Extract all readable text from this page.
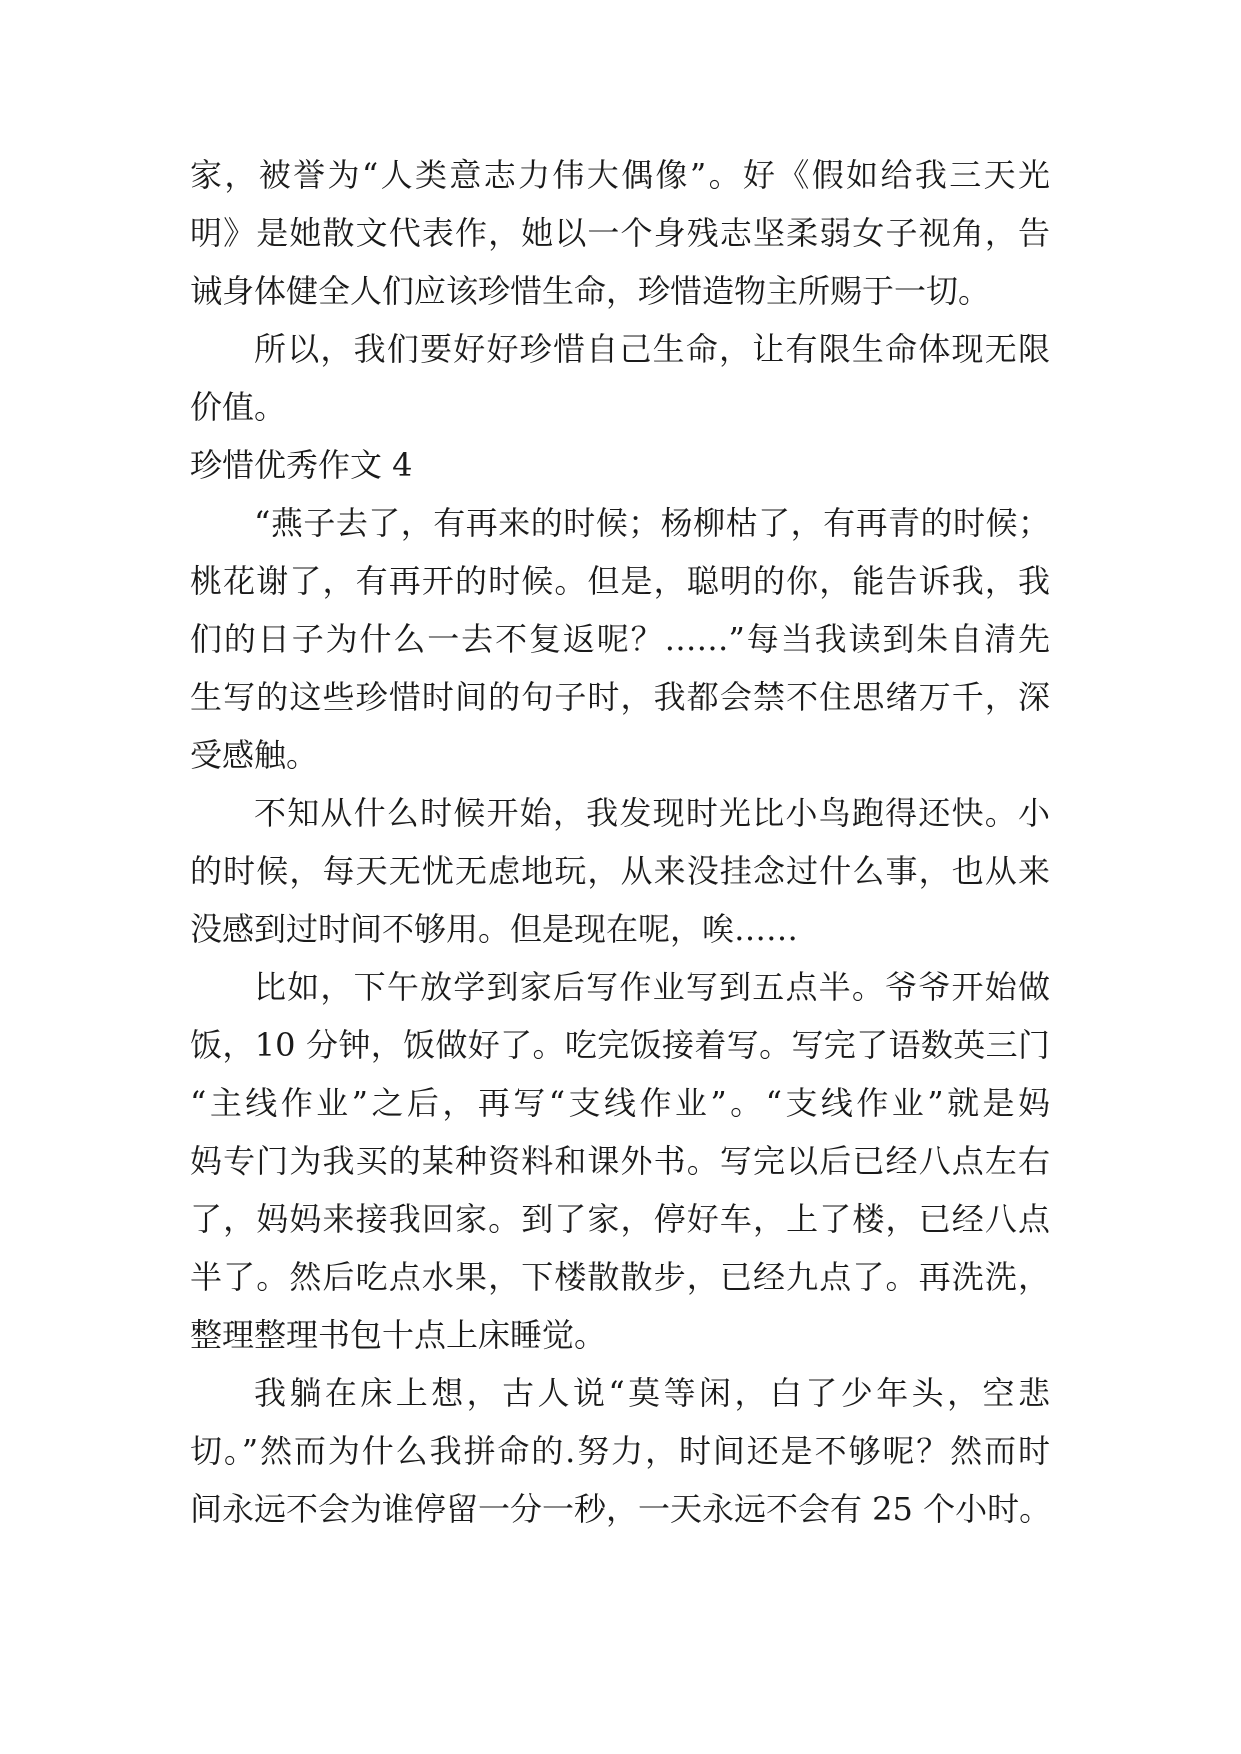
家，被誉为“人类意志力伟大偶像”。好《假如给我三天光
明》是她散文代表作，她以一个身残志坚柔弱女子视角，告
诫身体健全人们应该珍惜生命，珍惜造物主所赐于一切。
所以，我们要好好珍惜自己生命，让有限生命体现无限
价值。
珍惜优秀作文 4
“燕子去了，有再来的时候；杨柳枯了，有再青的时候；
桃花谢了，有再开的时候。但是，聪明的你，能告诉我，我
们的日子为什么一去不复返呢？……”每当我读到朱自清先
生写的这些珍惜时间的句子时，我都会禁不住思绪万千，深
受感触。
不知从什么时候开始，我发现时光比小鸟跑得还快。小
的时候，每天无忧无虑地玩，从来没挂念过什么事，也从来
没感到过时间不够用。但是现在呢，唉……
比如，下午放学到家后写作业写到五点半。爷爷开始做
饭，10 分钟，饭做好了。吃完饭接着写。写完了语数英三门
“主线作业”之后，再写“支线作业”。“支线作业”就是妈
妈专门为我买的某种资料和课外书。写完以后已经八点左右
了，妈妈来接我回家。到了家，停好车，上了楼，已经八点
半了。然后吃点水果，下楼散散步，已经九点了。再洗洗，
整理整理书包十点上床睡觉。
我躺在床上想，古人说“莫等闲，白了少年头，空悲
切。”然而为什么我拼命的.努力，时间还是不够呢？然而时
间永远不会为谁停留一分一秒，一天永远不会有 25 个小时。
